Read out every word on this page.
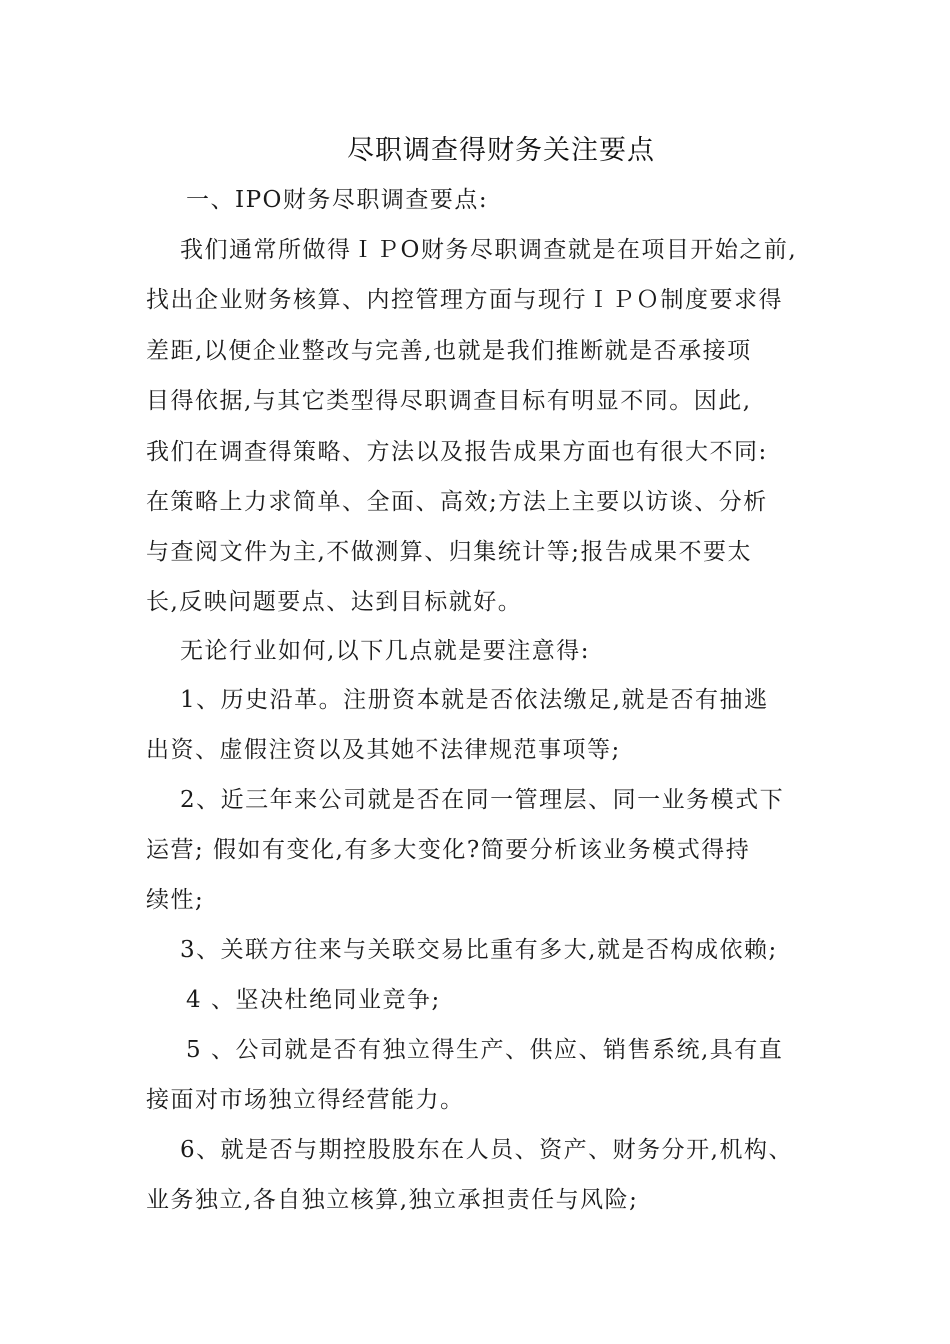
尽职调查得财务关注要点
一、IPO财务尽职调查要点:
我们通常所做得ＩＰO财务尽职调查就是在项目开始之前,
找出企业财务核算、内控管理方面与现行ＩＰＯ制度要求得
差距,以便企业整改与完善,也就是我们推断就是否承接项
目得依据,与其它类型得尽职调查目标有明显不同。因此,
我们在调查得策略、方法以及报告成果方面也有很大不同:
在策略上力求简单、全面、高效;方法上主要以访谈、分析
与查阅文件为主,不做测算、归集统计等;报告成果不要太
长,反映问题要点、达到目标就好。
无论行业如何,以下几点就是要注意得:
1、历史沿革。注册资本就是否依法缴足,就是否有抽逃
出资、虚假注资以及其她不法律规范事项等;
2、近三年来公司就是否在同一管理层、同一业务模式下
运营; 假如有变化,有多大变化?简要分析该业务模式得持
续性;
3、关联方往来与关联交易比重有多大,就是否构成依赖;
4 、坚决杜绝同业竞争;
5 、公司就是否有独立得生产、供应、销售系统,具有直
接面对市场独立得经营能力。
6、就是否与期控股股东在人员、资产、财务分开,机构、
业务独立,各自独立核算,独立承担责任与风险;
